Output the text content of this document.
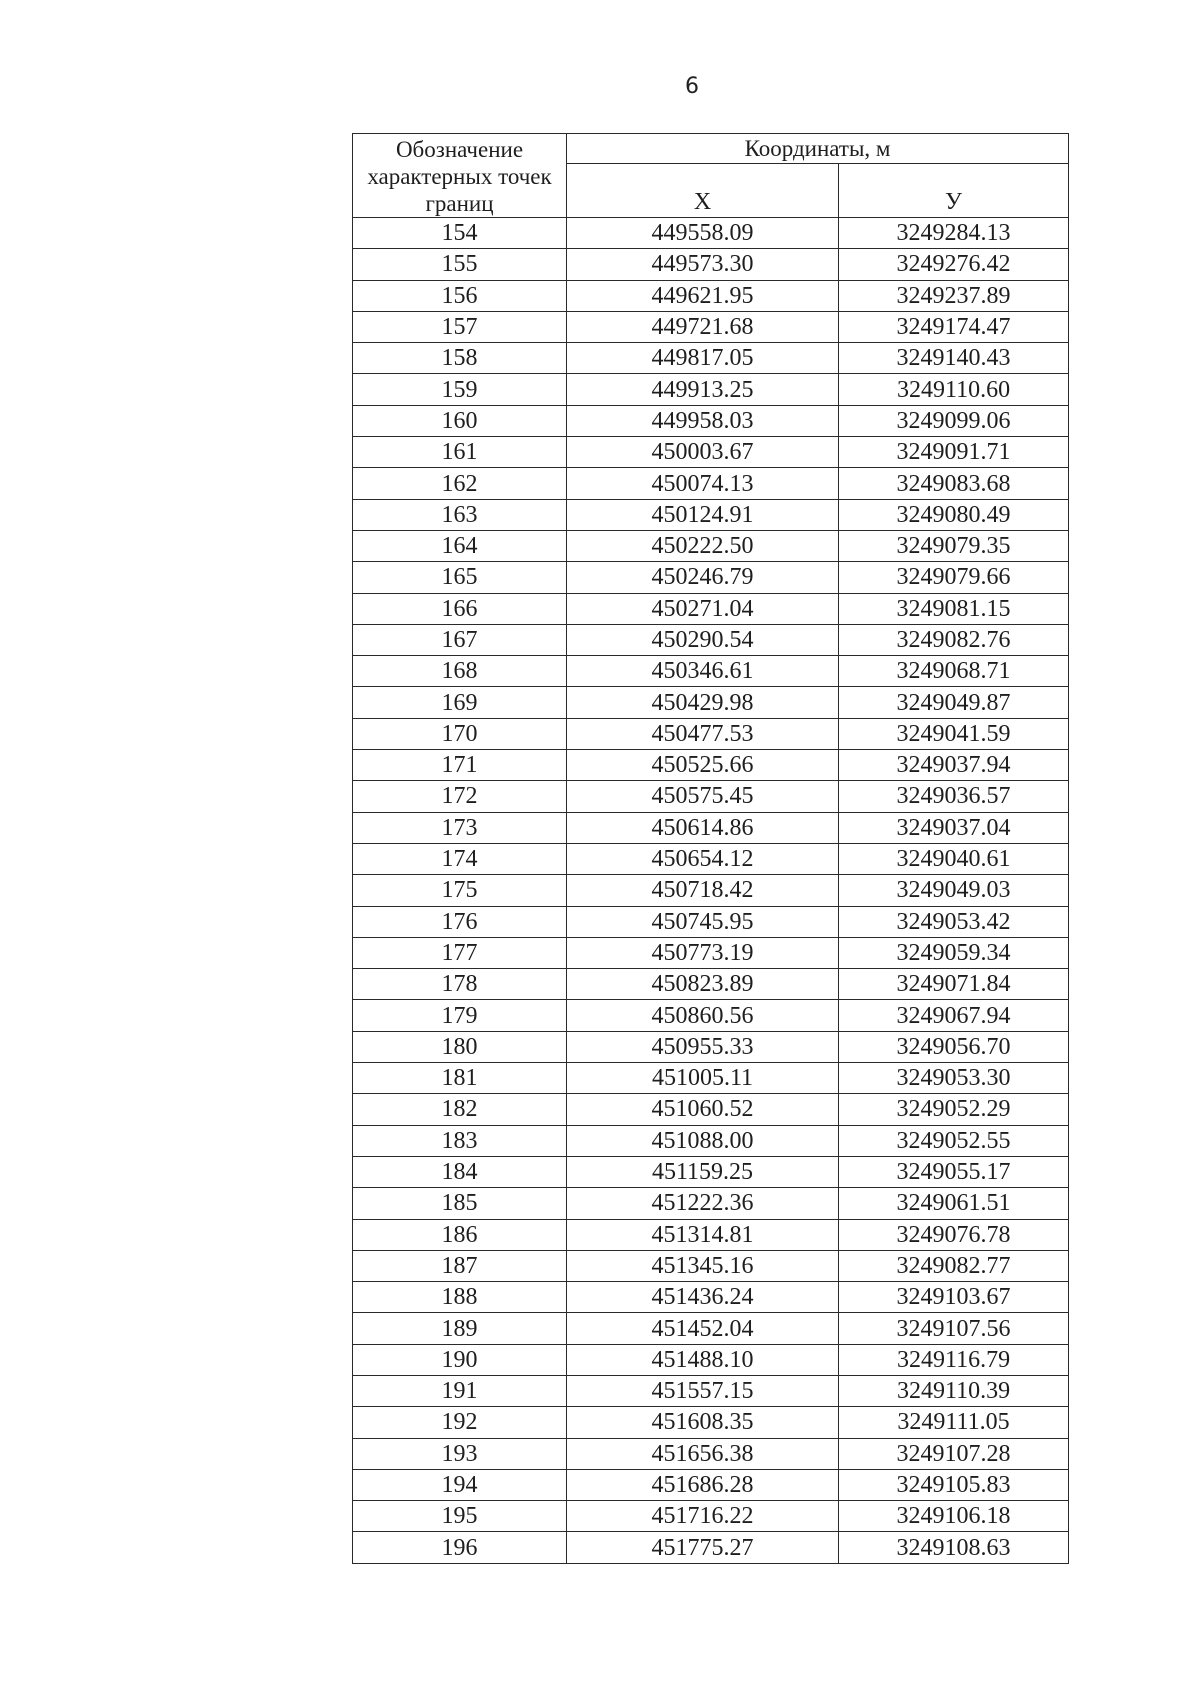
6
Обозначение характерных точек границ	Координаты, м	
	X	У
154	449558.09	3249284.13
155	449573.30	3249276.42
156	449621.95	3249237.89
157	449721.68	3249174.47
158	449817.05	3249140.43
159	449913.25	3249110.60
160	449958.03	3249099.06
161	450003.67	3249091.71
162	450074.13	3249083.68
163	450124.91	3249080.49
164	450222.50	3249079.35
165	450246.79	3249079.66
166	450271.04	3249081.15
167	450290.54	3249082.76
168	450346.61	3249068.71
169	450429.98	3249049.87
170	450477.53	3249041.59
171	450525.66	3249037.94
172	450575.45	3249036.57
173	450614.86	3249037.04
174	450654.12	3249040.61
175	450718.42	3249049.03
176	450745.95	3249053.42
177	450773.19	3249059.34
178	450823.89	3249071.84
179	450860.56	3249067.94
180	450955.33	3249056.70
181	451005.11	3249053.30
182	451060.52	3249052.29
183	451088.00	3249052.55
184	451159.25	3249055.17
185	451222.36	3249061.51
186	451314.81	3249076.78
187	451345.16	3249082.77
188	451436.24	3249103.67
189	451452.04	3249107.56
190	451488.10	3249116.79
191	451557.15	3249110.39
192	451608.35	3249111.05
193	451656.38	3249107.28
194	451686.28	3249105.83
195	451716.22	3249106.18
196	451775.27	3249108.63
